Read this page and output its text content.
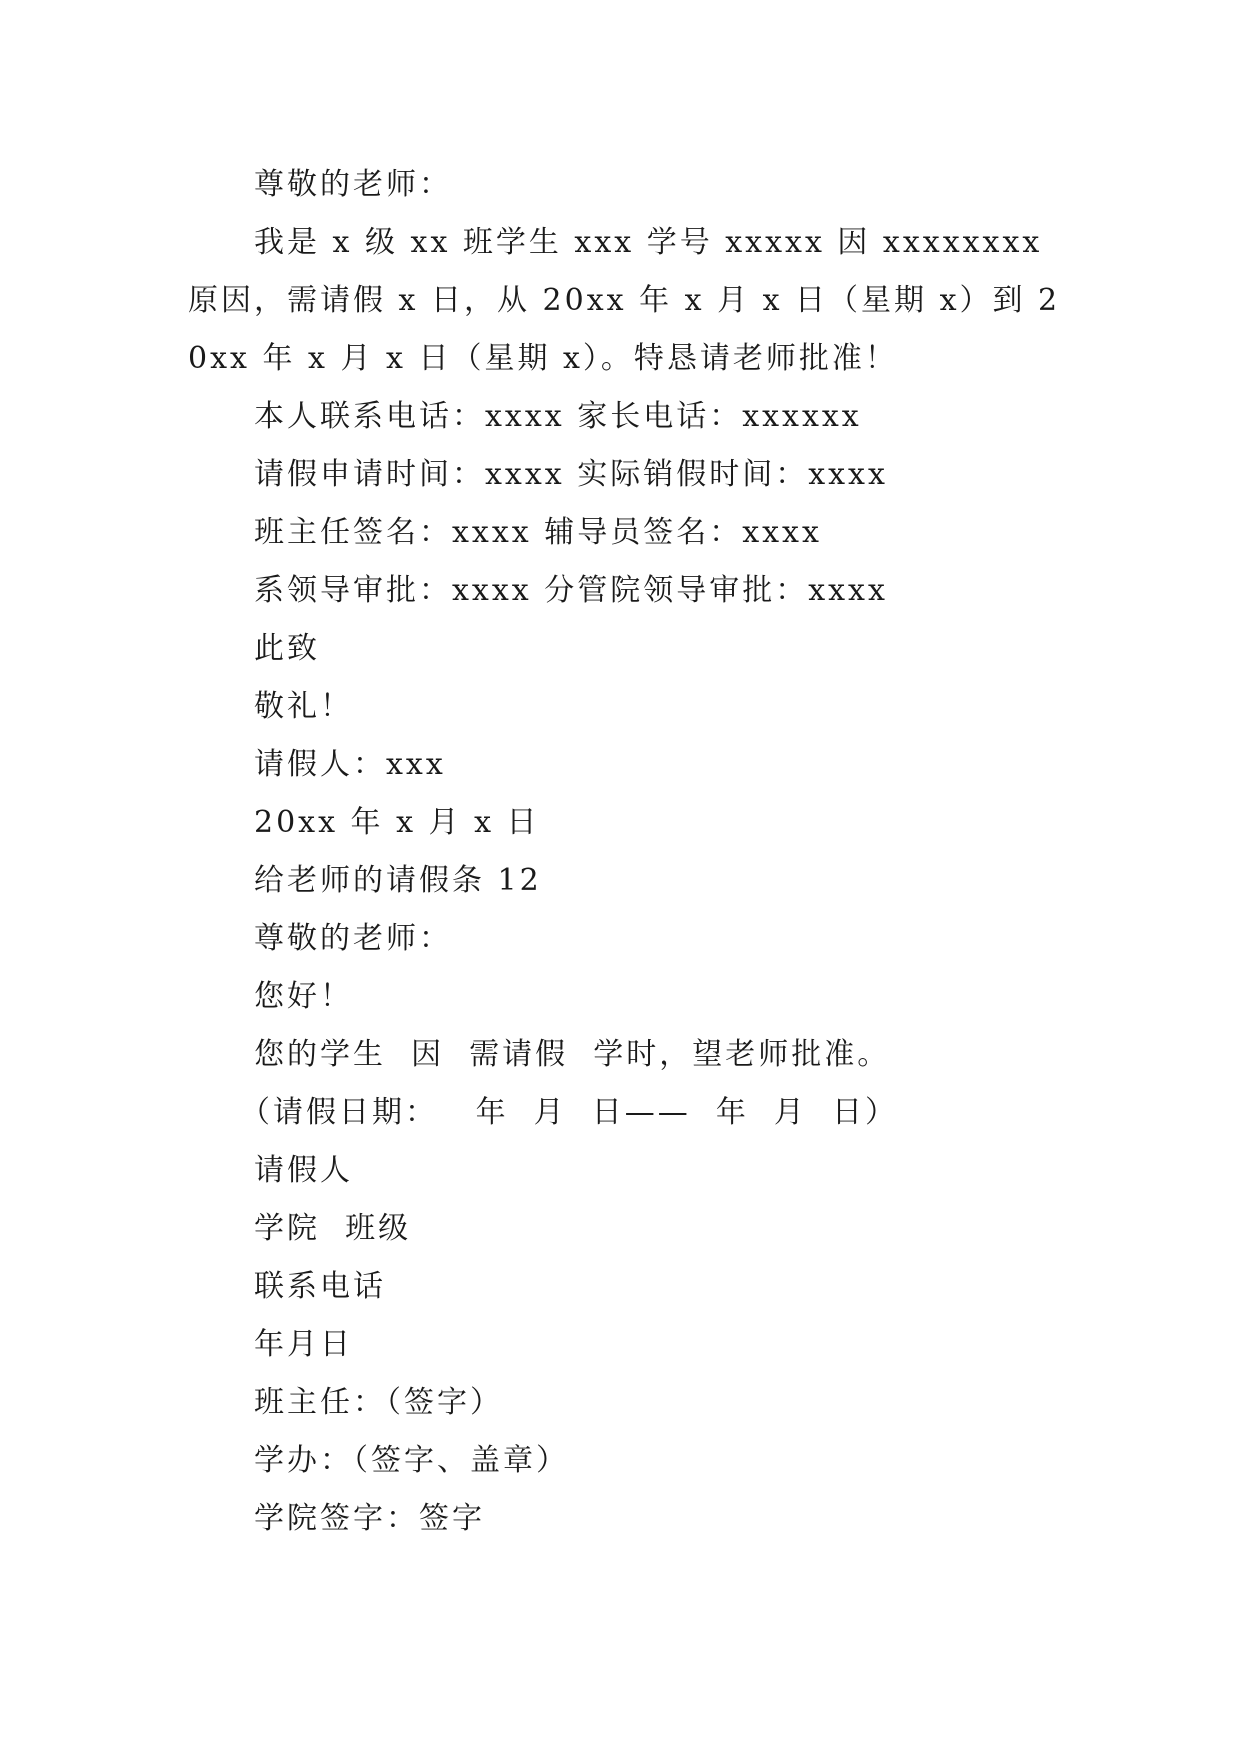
尊敬的老师：
我是 x 级 xx 班学生 xxx 学号 xxxxx 因 xxxxxxxx 原因，需请假 x 日，从 20xx 年 x 月 x 日（星期 x）到 20xx 年 x 月 x 日（星期 x）。特恳请老师批准！
本人联系电话：xxxx 家长电话：xxxxxx
请假申请时间：xxxx 实际销假时间：xxxx
班主任签名：xxxx 辅导员签名：xxxx
系领导审批：xxxx 分管院领导审批：xxxx
此致
敬礼！
请假人：xxx
20xx 年 x 月 x 日
给老师的请假条 12
尊敬的老师：
您好！
您的学生  因  需请假  学时，望老师批准。
（请假日期：   年  月  日——  年  月  日）
请假人
学院  班级
联系电话
年月日
班主任：（签字）
学办：（签字、盖章）
学院签字：签字
